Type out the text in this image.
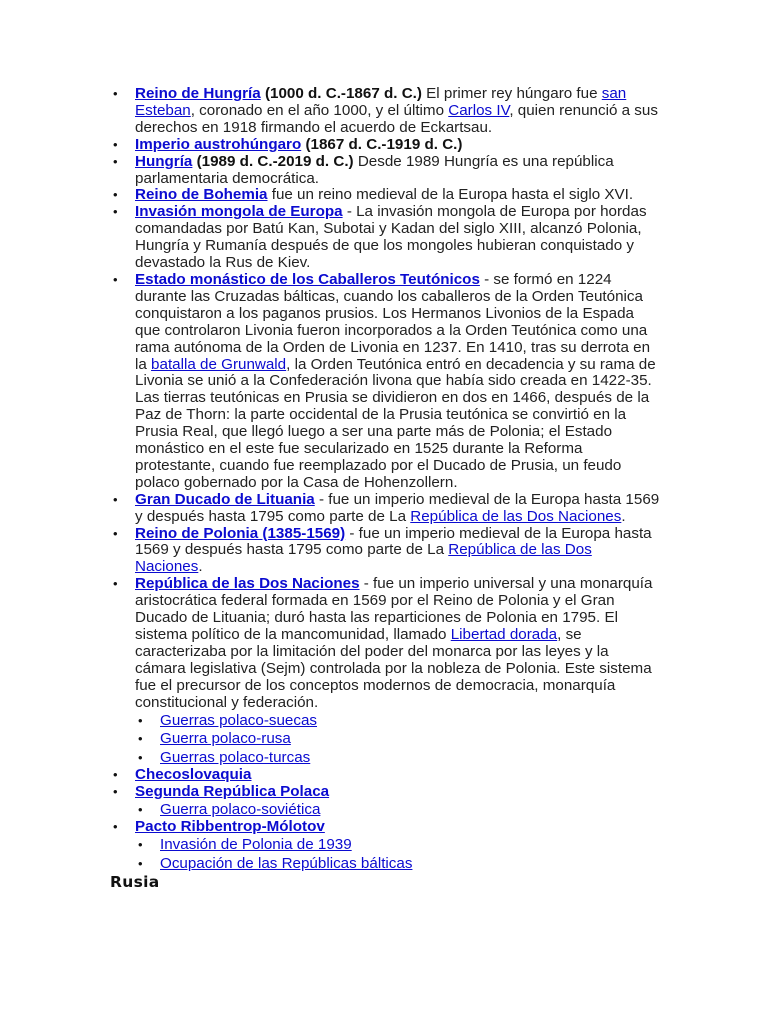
• Reino de Hungría (1000 d. C.-1867 d. C.) El primer rey húngaro fue san Esteban, coronado en el año 1000, y el último Carlos IV, quien renunció a sus derechos en 1918 firmando el acuerdo de Eckartsau.
• Imperio austrohúngaro (1867 d. C.-1919 d. C.)
• Hungría (1989 d. C.-2019 d. C.) Desde 1989 Hungría es una república parlamentaria democrática.
• Reino de Bohemia fue un reino medieval de la Europa hasta el siglo XVI.
• Invasión mongola de Europa - La invasión mongola de Europa por hordas comandadas por Batú Kan, Subotai y Kadan del siglo XIII, alcanzó Polonia, Hungría y Rumanía después de que los mongoles hubieran conquistado y devastado la Rus de Kiev.
• Estado monástico de los Caballeros Teutónicos - se formó en 1224 durante las Cruzadas bálticas, cuando los caballeros de la Orden Teutónica conquistaron a los paganos prusios. Los Hermanos Livonios de la Espada que controlaron Livonia fueron incorporados a la Orden Teutónica como una rama autónoma de la Orden de Livonia en 1237. En 1410, tras su derrota en la batalla de Grunwald, la Orden Teutónica entró en decadencia y su rama de Livonia se unió a la Confederación livona que había sido creada en 1422-35. Las tierras teutónicas en Prusia se dividieron en dos en 1466, después de la Paz de Thorn: la parte occidental de la Prusia teutónica se convirtió en la Prusia Real, que llegó luego a ser una parte más de Polonia; el Estado monástico en el este fue secularizado en 1525 durante la Reforma protestante, cuando fue reemplazado por el Ducado de Prusia, un feudo polaco gobernado por la Casa de Hohenzollern.
• Gran Ducado de Lituania - fue un imperio medieval de la Europa hasta 1569 y después hasta 1795 como parte de La República de las Dos Naciones.
• Reino de Polonia (1385-1569) - fue un imperio medieval de la Europa hasta 1569 y después hasta 1795 como parte de La República de las Dos Naciones.
• República de las Dos Naciones - fue un imperio universal y una monarquía aristocrática federal formada en 1569 por el Reino de Polonia y el Gran Ducado de Lituania; duró hasta las reparticiones de Polonia en 1795. El sistema político de la mancomunidad, llamado Libertad dorada, se caracterizaba por la limitación del poder del monarca por las leyes y la cámara legislativa (Sejm) controlada por la nobleza de Polonia. Este sistema fue el precursor de los conceptos modernos de democracia, monarquía constitucional y federación.
• Guerras polaco-suecas
• Guerra polaco-rusa
• Guerras polaco-turcas
• Checoslovaquia
• Segunda República Polaca
• Guerra polaco-soviética
• Pacto Ribbentrop-Mólotov
• Invasión de Polonia de 1939
• Ocupación de las Repúblicas bálticas
Rusia
